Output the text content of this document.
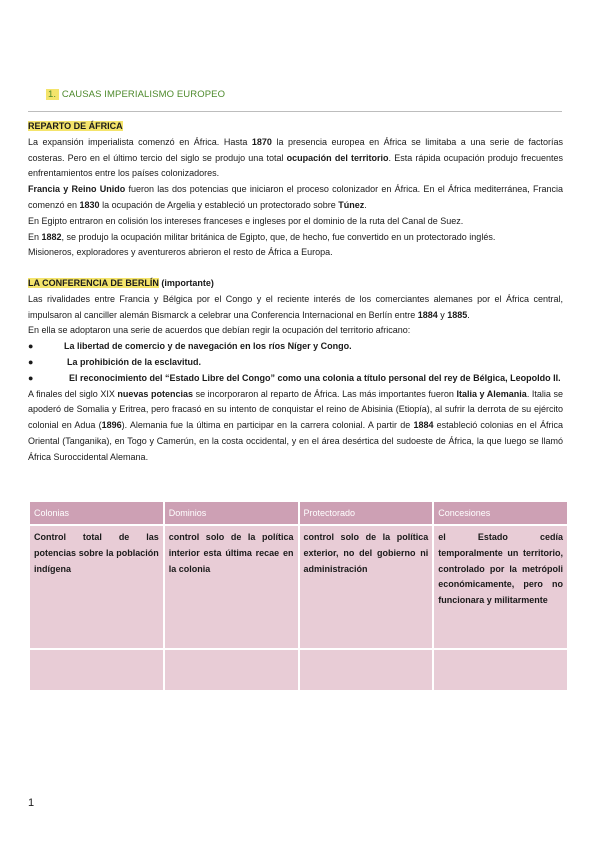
1. CAUSAS IMPERIALISMO EUROPEO

REPARTO DE ÁFRICA

La expansión imperialista comenzó en África. Hasta 1870 la presencia europea en África se limitaba a una serie de factorías costeras. Pero en el último tercio del siglo se produjo una total ocupación del territorio. Esta rápida ocupación produjo frecuentes enfrentamientos entre los países colonizadores.

Francia y Reino Unido fueron las dos potencias que iniciaron el proceso colonizador en África. En el África mediterránea, Francia comenzó en 1830 la ocupación de Argelia y estableció un protectorado sobre Túnez.

En Egipto entraron en colisión los intereses franceses e ingleses por el dominio de la ruta del Canal de Suez.

En 1882, se produjo la ocupación militar británica de Egipto, que, de hecho, fue convertido en un protectorado inglés.

Misioneros, exploradores y aventureros abrieron el resto de África a Europa.

LA CONFERENCIA DE BERLÍN (importante)

Las rivalidades entre Francia y Bélgica por el Congo y el reciente interés de los comerciantes alemanes por el África central, impulsaron al canciller alemán Bismarck a celebrar una Conferencia Internacional en Berlín entre 1884 y 1885.

En ella se adoptaron una serie de acuerdos que debían regir la ocupación del territorio africano:

●	La libertad de comercio y de navegación en los ríos Níger y Congo.
●	La prohibición de la esclavitud.
●	El reconocimiento del “Estado Libre del Congo” como una colonia a título personal del rey de Bélgica, Leopoldo II.

A finales del siglo XIX nuevas potencias se incorporaron al reparto de África. Las más importantes fueron Italia y Alemania. Italia se apoderó de Somalia y Eritrea, pero fracasó en su intento de conquistar el reino de Abisinia (Etiopía), al sufrir la derrota de su ejército colonial en Adua (1896). Alemania fue la última en participar en la carrera colonial. A partir de 1884 estableció colonias en el África Oriental (Tanganika), en Togo y Camerún, en la costa occidental, y en el área desértica del sudoeste de África, la que luego se llamó África Suroccidental Alemana.

Colonias	Dominios	Protectorado	Concesiones
Control total de las potencias sobre la población indígena	control solo de la política interior esta última recae en la colonia	control solo de la política exterior, no del gobierno ni administración	el Estado cedía temporalmente un territorio, controlado por la metrópoli económicamente, pero no funcionara y militarmente

1
